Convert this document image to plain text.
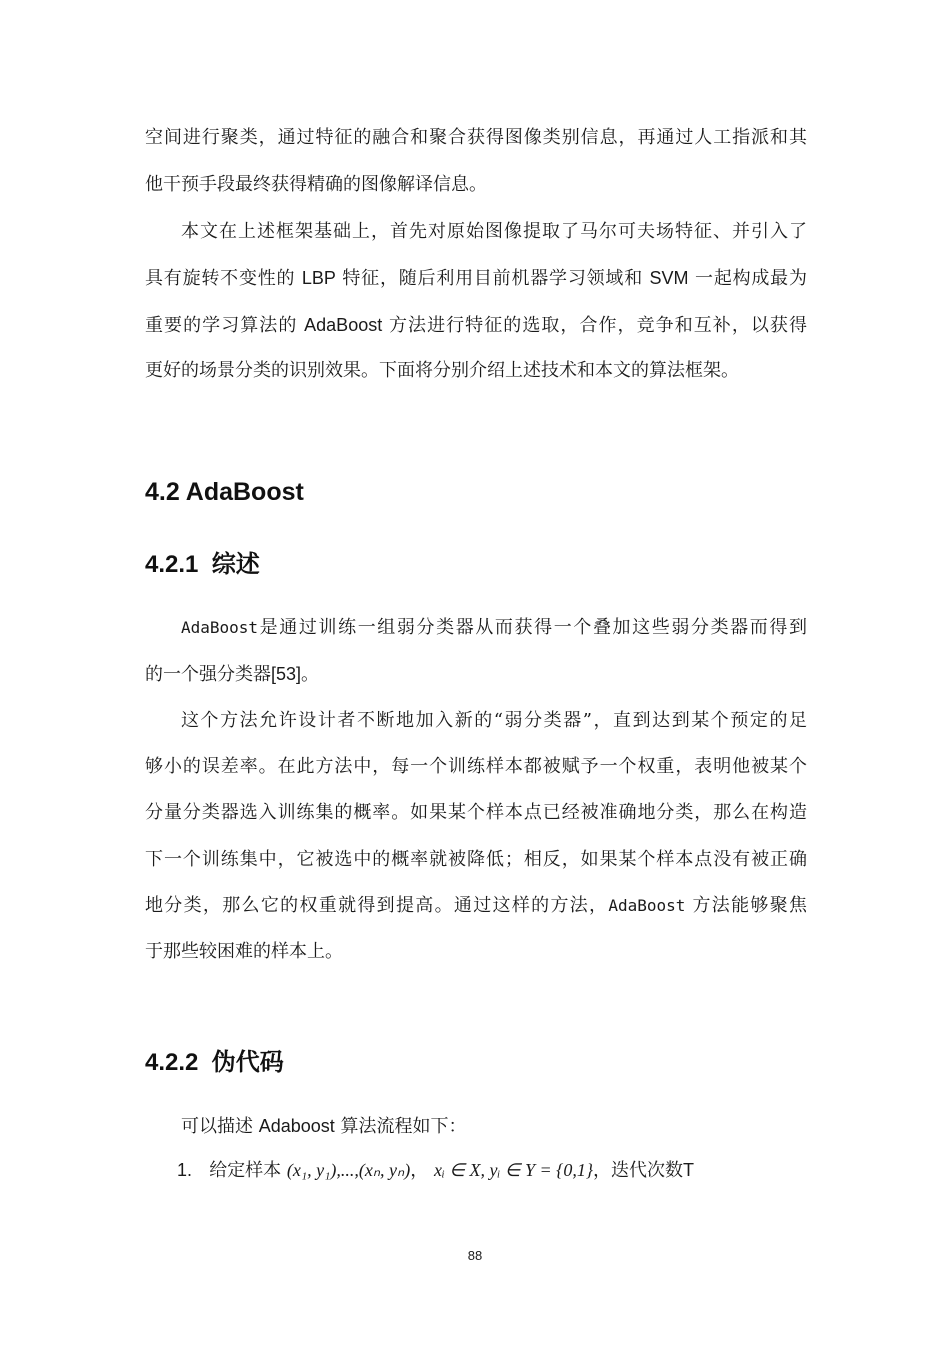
空间进行聚类，通过特征的融合和聚合获得图像类别信息，再通过人工指派和其
他干预手段最终获得精确的图像解译信息。
本文在上述框架基础上，首先对原始图像提取了马尔可夫场特征、并引入了
具有旋转不变性的 LBP 特征，随后利用目前机器学习领域和 SVM 一起构成最为
重要的学习算法的 AdaBoost 方法进行特征的选取，合作，竞争和互补，以获得
更好的场景分类的识别效果。下面将分别介绍上述技术和本文的算法框架。
4.2 AdaBoost
4.2.1 综述
AdaBoost是通过训练一组弱分类器从而获得一个叠加这些弱分类器而得到
的一个强分类器[53]。
这个方法允许设计者不断地加入新的“弱分类器”，直到达到某个预定的足
够小的误差率。在此方法中，每一个训练样本都被赋予一个权重，表明他被某个
分量分类器选入训练集的概率。如果某个样本点已经被准确地分类，那么在构造
下一个训练集中，它被选中的概率就被降低；相反，如果某个样本点没有被正确
地分类，那么它的权重就得到提高。通过这样的方法，AdaBoost 方法能够聚焦
于那些较困难的样本上。
4.2.2 伪代码
可以描述 Adaboost 算法流程如下：
1. 给定样本 (x₁, y₁),...,(xₙ, yₙ)， xᵢ ∈ X, yᵢ ∈ Y = {0,1}，迭代次数T
88
